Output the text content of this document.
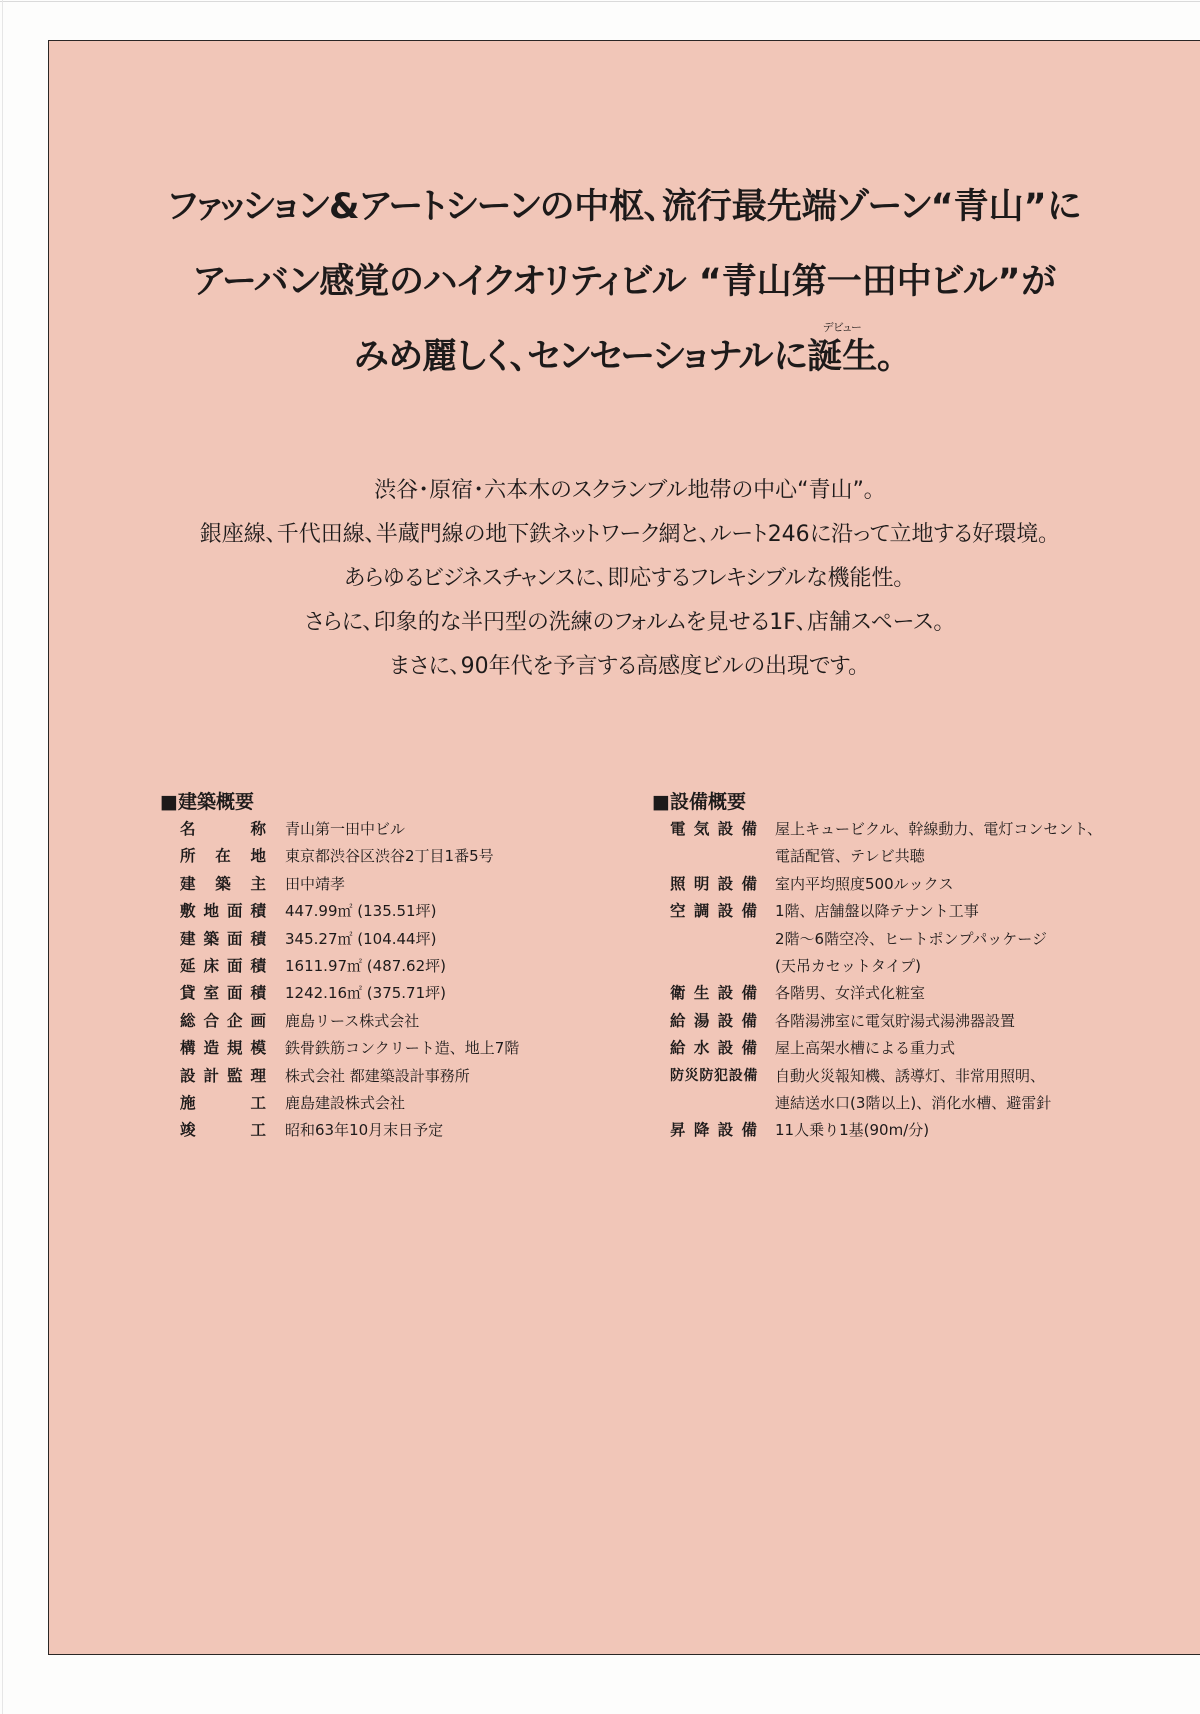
ファッション&アートシーンの中枢、流行最先端ゾーン“青山”に
アーバン感覚のハイクオリティビル “青山第一田中ビル”が
みめ麗しく、センセーショナルに誕生
デビュー
。
渋谷・原宿・六本木のスクランブル地帯の中心“青山”。
銀座線、千代田線、半蔵門線の地下鉄ネットワーク網と、ルート246に沿って立地する好環境。
あらゆるビジネスチャンスに、即応するフレキシブルな機能性。
さらに、印象的な半円型の洗練のフォルムを見せる1F、店舗スペース。
まさに、90年代を予言する高感度ビルの出現です。
■建築概要
名称 青山第一田中ビル
所在地 東京都渋谷区渋谷2丁目1番5号
建築主 田中靖孝
敷地面積 447.99㎡ (135.51坪)
建築面積 345.27㎡ (104.44坪)
延床面積 1611.97㎡ (487.62坪)
貸室面積 1242.16㎡ (375.71坪)
総合企画 鹿島リース株式会社
構造規模 鉄骨鉄筋コンクリート造、地上7階
設計監理 株式会社 都建築設計事務所
施工 鹿島建設株式会社
竣工 昭和63年10月末日予定
■設備概要
電気設備 屋上キュービクル、幹線動力、電灯コンセント、
電話配管、テレビ共聴
照明設備 室内平均照度500ルックス
空調設備 1階、店舗盤以降テナント工事
2階～6階空冷、ヒートポンプパッケージ
(天吊カセットタイプ)
衛生設備 各階男、女洋式化粧室
給湯設備 各階湯沸室に電気貯湯式湯沸器設置
給水設備 屋上高架水槽による重力式
防災防犯設備 自動火災報知機、誘導灯、非常用照明、
連結送水口(3階以上)、消化水槽、避雷針
昇降設備 11人乗り1基(90m/分)
